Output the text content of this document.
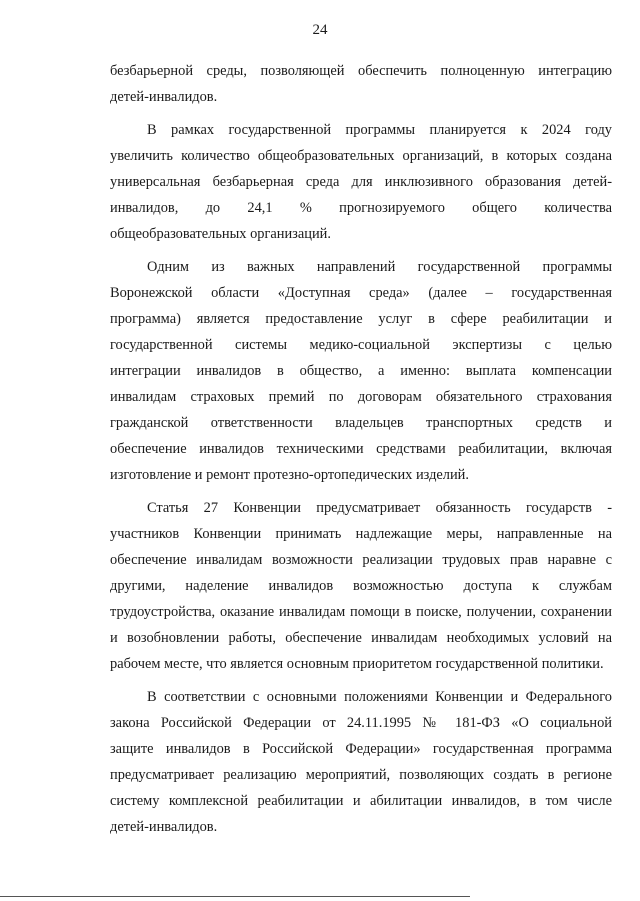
24
безбарьерной среды, позволяющей обеспечить полноценную интеграцию
детей-инвалидов.
В рамках государственной программы планируется к 2024 году
увеличить количество общеобразовательных организаций, в которых создана
универсальная безбарьерная среда для инклюзивного образования детей-
инвалидов, до 24,1 % прогнозируемого общего количества
общеобразовательных организаций.
Одним из важных направлений государственной программы
Воронежской области «Доступная среда» (далее – государственная
программа) является предоставление услуг в сфере реабилитации и
государственной системы медико-социальной экспертизы с целью
интеграции инвалидов в общество, а именно: выплата компенсации
инвалидам страховых премий по договорам обязательного страхования
гражданской ответственности владельцев транспортных средств и
обеспечение инвалидов техническими средствами реабилитации, включая
изготовление и ремонт протезно-ортопедических изделий.
Статья 27 Конвенции предусматривает обязанность государств -
участников Конвенции принимать надлежащие меры, направленные на
обеспечение инвалидам возможности реализации трудовых прав наравне с
другими, наделение инвалидов возможностью доступа к службам
трудоустройства, оказание инвалидам помощи в поиске, получении, сохранении
и возобновлении работы, обеспечение инвалидам необходимых условий на
рабочем месте, что является основным приоритетом государственной политики.
В соответствии с основными положениями Конвенции и Федерального
закона Российской Федерации от 24.11.1995 № 181-ФЗ «О социальной
защите инвалидов в Российской Федерации» государственная программа
предусматривает реализацию мероприятий, позволяющих создать в регионе
систему комплексной реабилитации и абилитации инвалидов, в том числе
детей-инвалидов.
